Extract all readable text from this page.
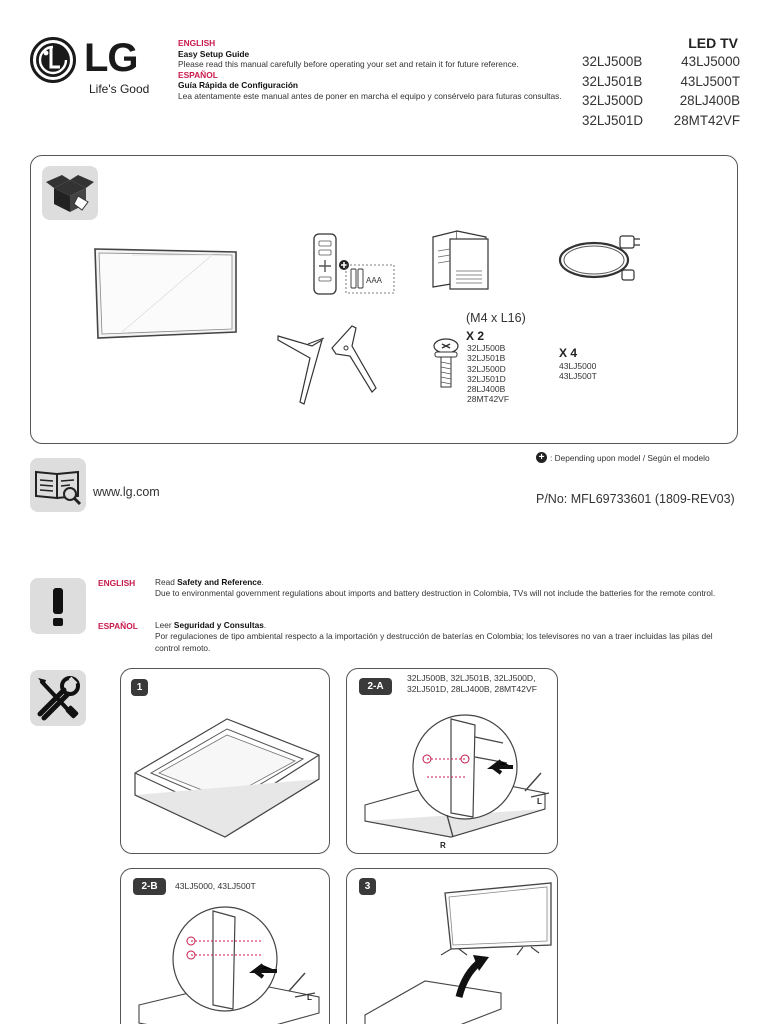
LG
Life's Good
ENGLISH
Easy Setup Guide
Please read this manual carefully before operating your set and retain it for future reference.
ESPAÑOL
Guía Rápida de Configuración
Lea atentamente este manual antes de poner en marcha el equipo y consérvelo para futuras consultas.
LED TV
32LJ500B	43LJ5000
32LJ501B	43LJ500T
32LJ500D	28LJ400B
32LJ501D	28MT42VF
AAA
(M4 x L16)
X 2
32LJ500B
32LJ501B
32LJ500D
32LJ501D
28LJ400B
28MT42VF
X 4
43LJ5000
43LJ500T
+ : Depending upon model / Según el modelo
www.lg.com	P/No: MFL69733601 (1809-REV03)
ENGLISH Read Safety and Reference.
Due to environmental government regulations about imports and battery destruction in Colombia, TVs will not include the batteries for the remote control.
ESPAÑOL Leer Seguridad y Consultas.
Por regulaciones de tipo ambiental respecto a la importación y destrucción de baterías en Colombia; los televisores no van a traer incluidas las pilas del control remoto.
1	2-A
32LJ500B, 32LJ501B, 32LJ500D,
32LJ501D, 28LJ400B, 28MT42VF
R
L
2-B	43LJ5000, 43LJ500T
L
3
